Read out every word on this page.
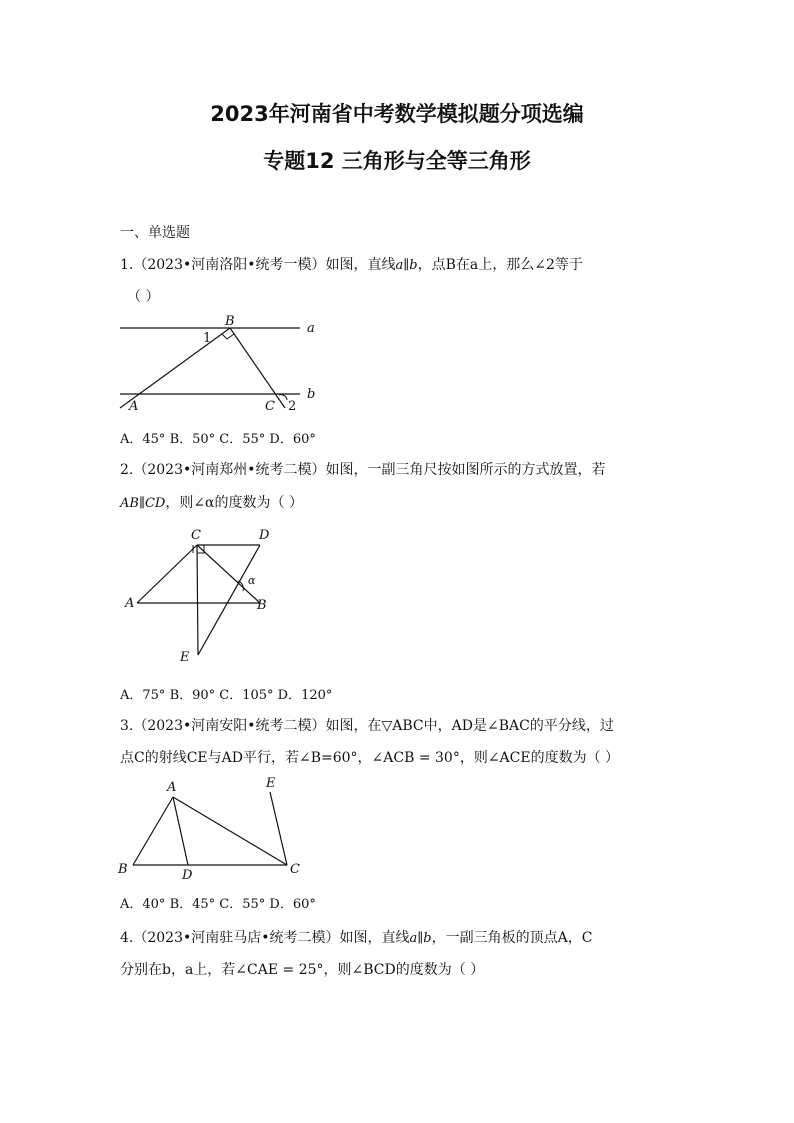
2023年河南省中考数学模拟题分项选编
专题12 三角形与全等三角形
一、单选题
1.（2023•河南洛阳•统考一模）如图，直线a∥b，点B在a上，那么∠2等于
（ ）
B	a
b
A	C
1
2
A．45° B．50° C．55° D．60°
2.（2023•河南郑州•统考二模）如图，一副三角尺按如图所示的方式放置，若
AB∥CD，则∠α的度数为（ ）
C	D
A	B
E
α
A．75° B．90° C．105° D．120°
3.（2023•河南安阳•统考二模）如图，在▽ABC中，AD是∠BAC的平分线，过
点C的射线CE与AD平行，若∠B=60°，∠ACB = 30°，则∠ACE的度数为（ ）
A
B	C
D
E
A．40° B．45° C．55° D．60°
4.（2023•河南驻马店•统考二模）如图，直线a∥b，一副三角板的顶点A，C
分别在b，a上，若∠CAE = 25°，则∠BCD的度数为（ ）
